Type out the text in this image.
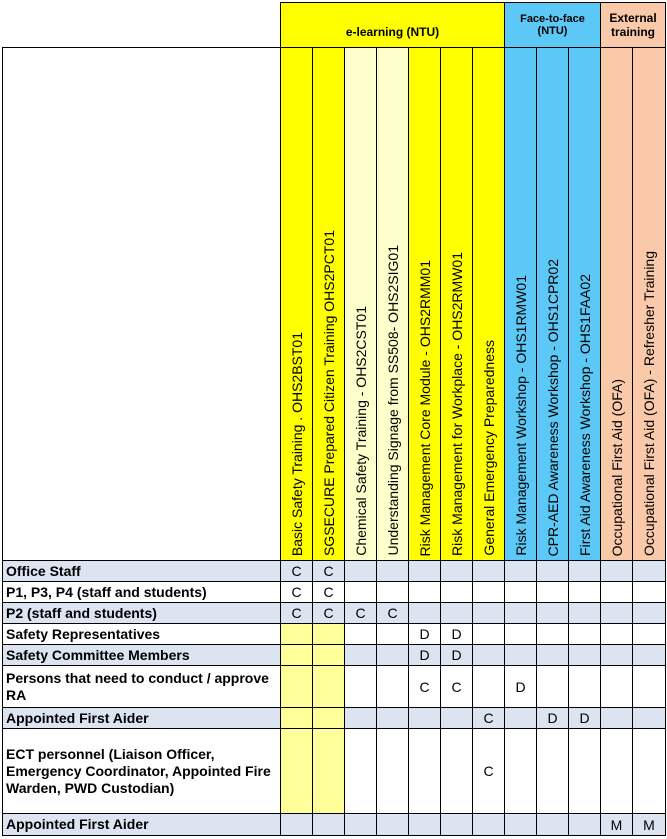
	e-learning (NTU)							Face-to-face (NTU)			External training	

	Basic Safety Training . OHS2BST01	SGSECURE Prepared Citizen Training OHS2PCT01	Chemical Safety Training - OHS2CST01	Understanding Signage from SS508- OHS2SIG01	Risk Management Core Module - OHS2RMM01	Risk Management for Workplace - OHS2RMW01	General Emergency Preparedness	Risk Management Workshop - OHS1RMW01	CPR-AED Awareness Workshop - OHS1CPR02	First Aid Awareness Workshop - OHS1FAA02	Occupational First Aid (OFA)	Occupational First Aid (OFA) - Refresher Training

Office Staff	C	C										
P1, P3, P4 (staff and students)	C	C										
P2 (staff and students)	C	C	C	C								
Safety Representatives					D	D						
Safety Committee Members					D	D						
Persons that need to conduct / approve RA					C	C		D				
Appointed First Aider							C		D	D		
ECT personnel (Liaison Officer, Emergency Coordinator, Appointed Fire Warden, PWD Custodian)							C					
Appointed First Aider											M	M
